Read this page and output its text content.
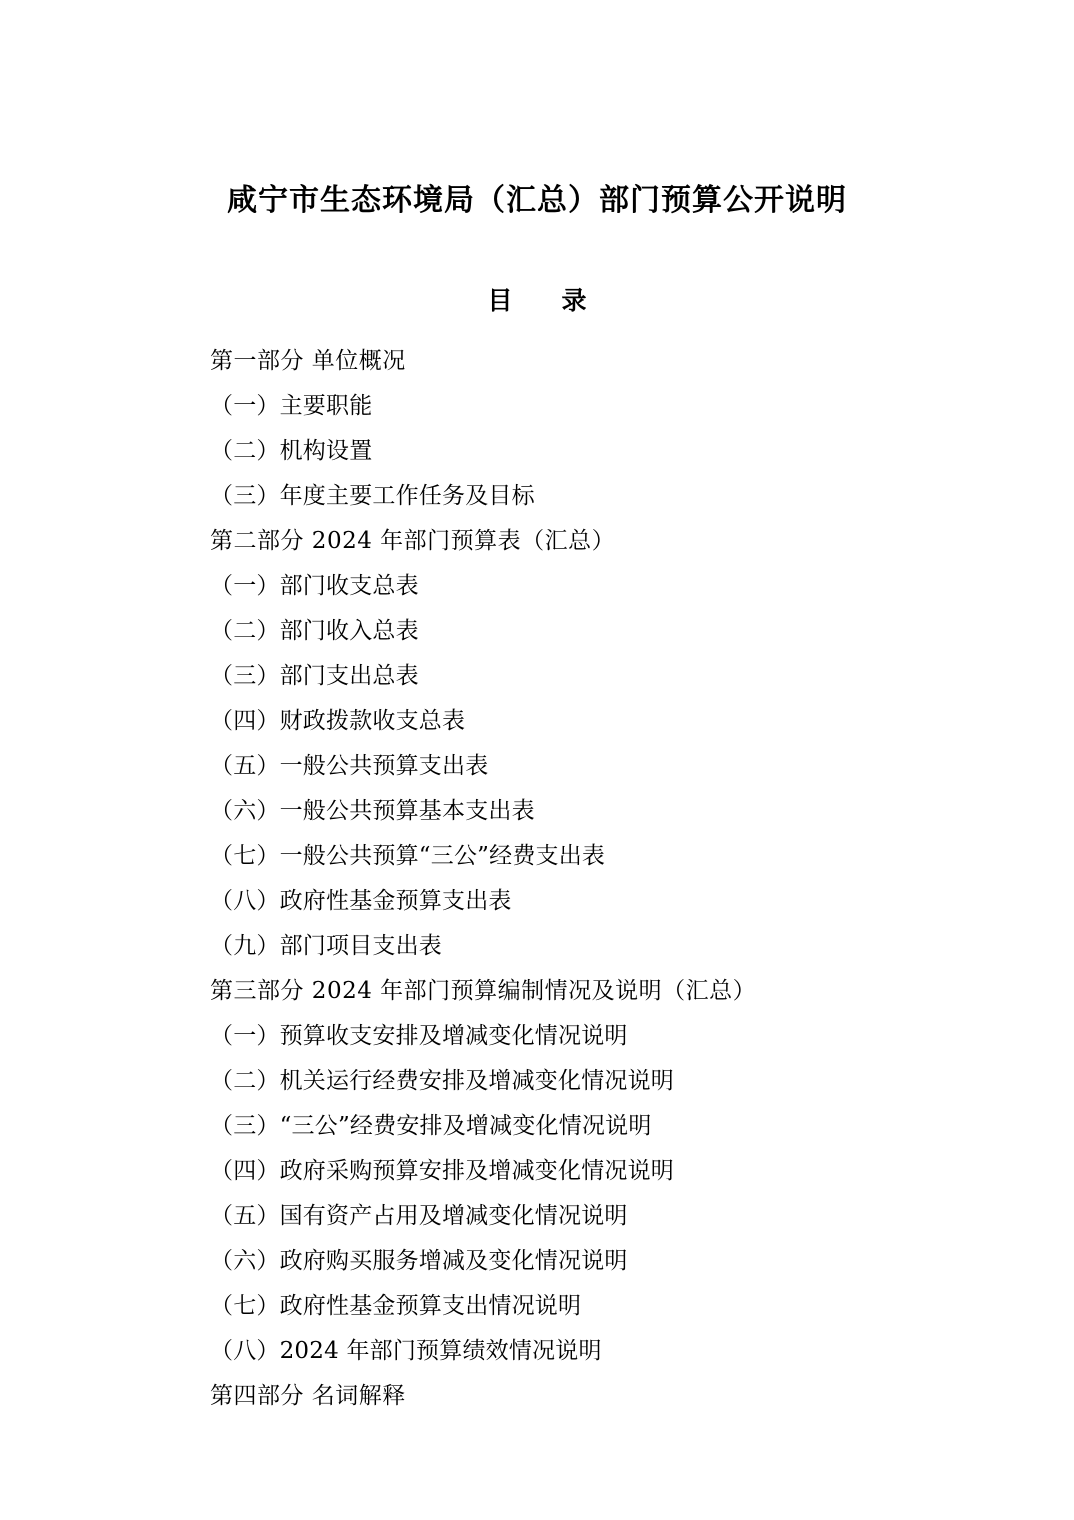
咸宁市生态环境局（汇总）部门预算公开说明
目　录
第一部分 单位概况
（一）主要职能
（二）机构设置
（三）年度主要工作任务及目标
第二部分 2024 年部门预算表（汇总）
（一）部门收支总表
（二）部门收入总表
（三）部门支出总表
（四）财政拨款收支总表
（五）一般公共预算支出表
（六）一般公共预算基本支出表
（七）一般公共预算“三公”经费支出表
（八）政府性基金预算支出表
（九）部门项目支出表
第三部分 2024 年部门预算编制情况及说明（汇总）
（一）预算收支安排及增减变化情况说明
（二）机关运行经费安排及增减变化情况说明
（三）“三公”经费安排及增减变化情况说明
（四）政府采购预算安排及增减变化情况说明
（五）国有资产占用及增减变化情况说明
（六）政府购买服务增减及变化情况说明
（七）政府性基金预算支出情况说明
（八）2024 年部门预算绩效情况说明
第四部分 名词解释
